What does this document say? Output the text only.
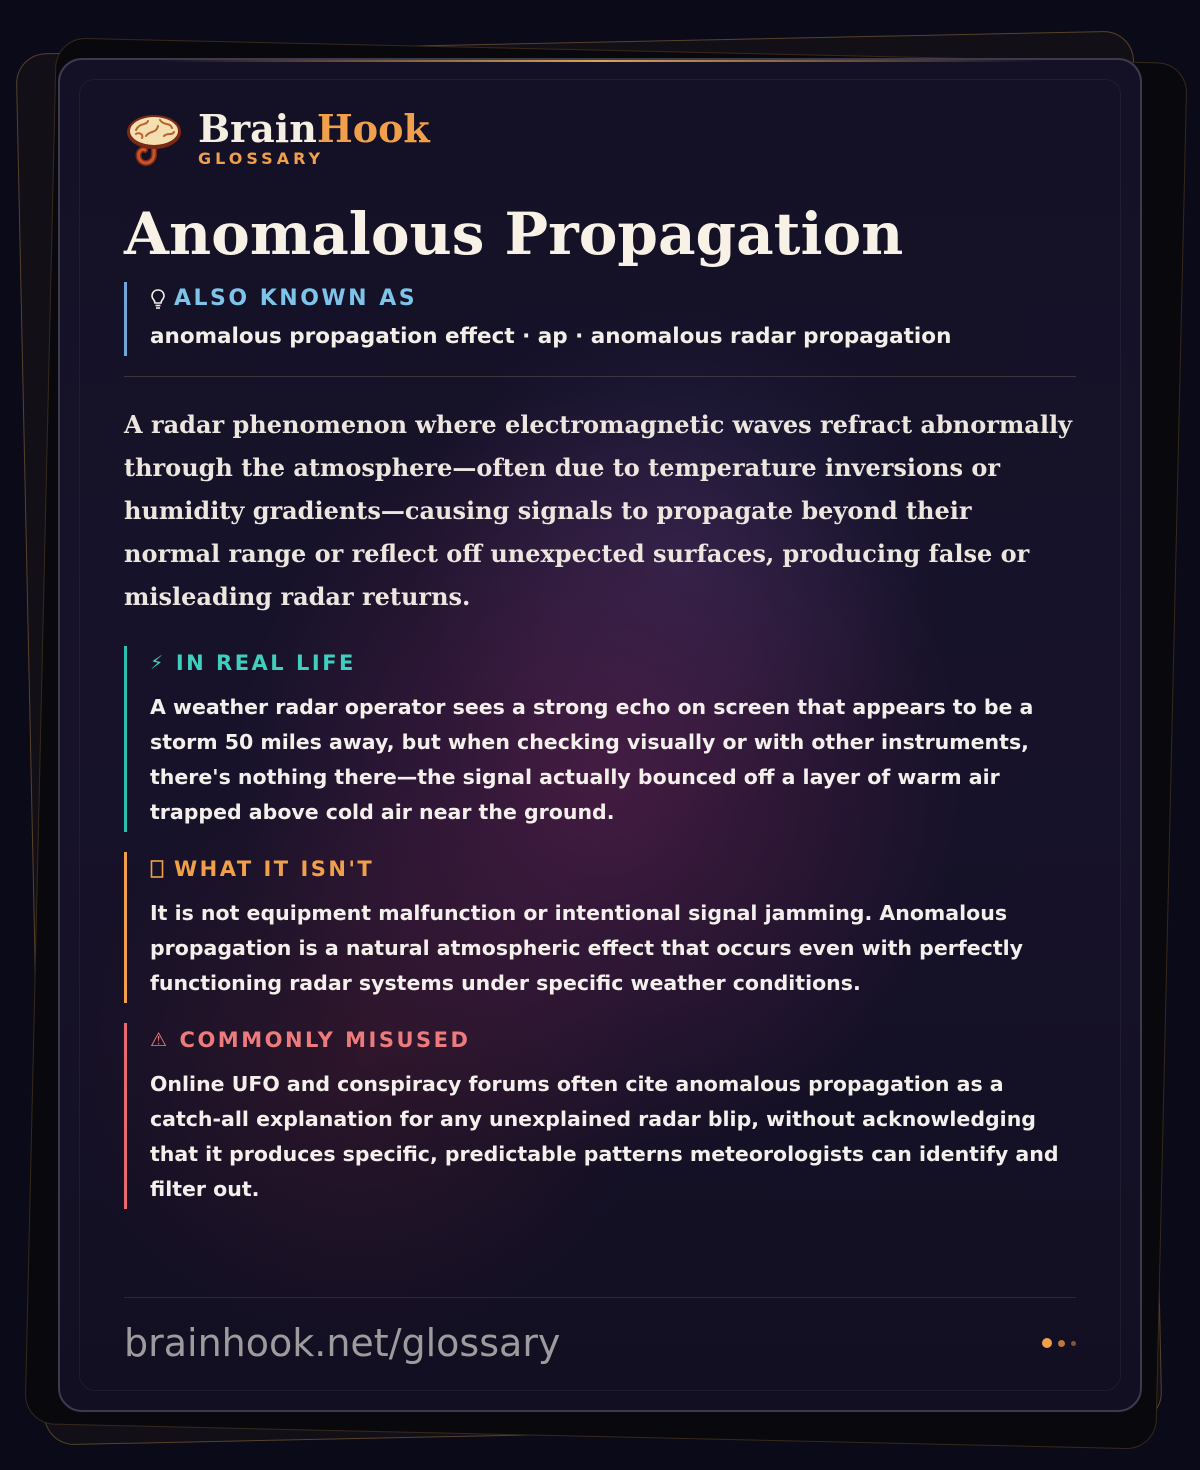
BrainHook
GLOSSARY
Anomalous Propagation
ALSO KNOWN AS
anomalous propagation effect · ap · anomalous radar propagation

A radar phenomenon where electromagnetic waves refract abnormally through the atmosphere—often due to temperature inversions or humidity gradients—causing signals to propagate beyond their normal range or reflect off unexpected surfaces, producing false or misleading radar returns.

⚡ IN REAL LIFE
A weather radar operator sees a strong echo on screen that appears to be a storm 50 miles away, but when checking visually or with other instruments, there's nothing there—the signal actually bounced off a layer of warm air trapped above cold air near the ground.
WHAT IT ISN'T
It is not equipment malfunction or intentional signal jamming. Anomalous propagation is a natural atmospheric effect that occurs even with perfectly functioning radar systems under specific weather conditions.
⚠ COMMONLY MISUSED
Online UFO and conspiracy forums often cite anomalous propagation as a catch-all explanation for any unexplained radar blip, without acknowledging that it produces specific, predictable patterns meteorologists can identify and filter out.
brainhook.net/glossary
